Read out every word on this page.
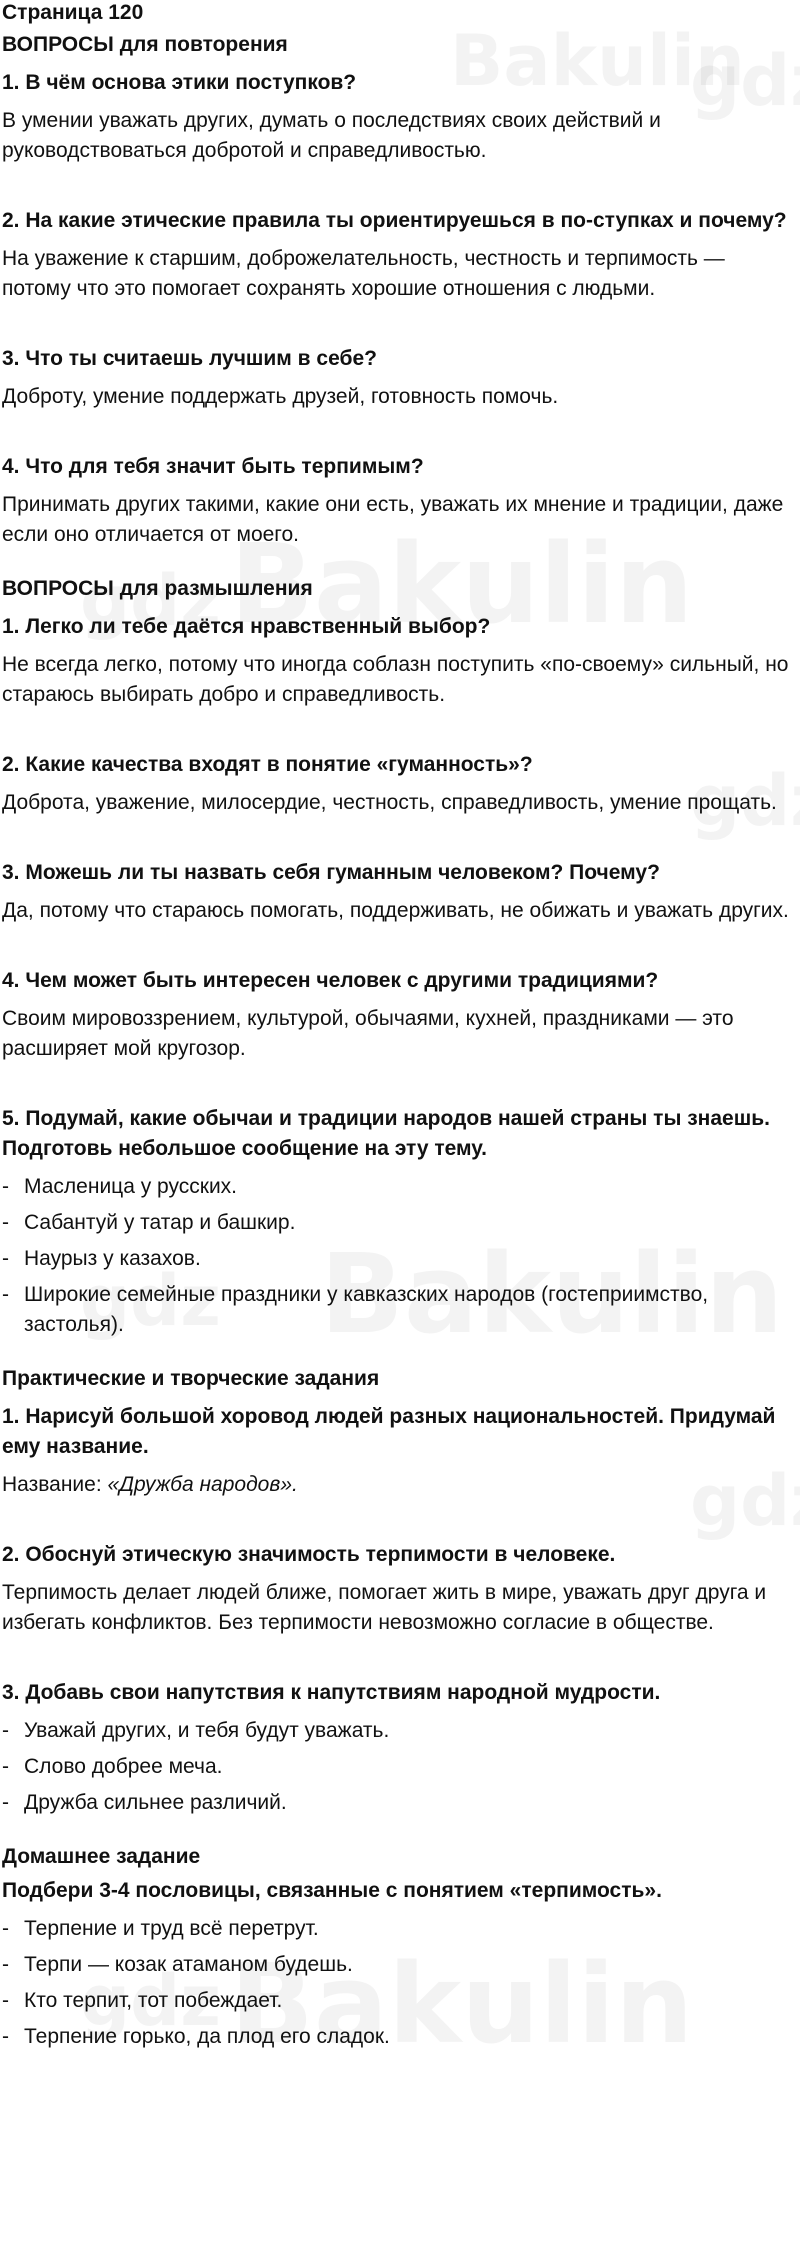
Страница 120
ВОПРОСЫ для повторения
1. В чём основа этики поступков?
В умении уважать других, думать о последствиях своих действий и руководствоваться добротой и справедливостью.
2. На какие этические правила ты ориентируешься в по-ступках и почему?
На уважение к старшим, доброжелательность, честность и терпимость — потому что это помогает сохранять хорошие отношения с людьми.
3. Что ты считаешь лучшим в себе?
Доброту, умение поддержать друзей, готовность помочь.
4. Что для тебя значит быть терпимым?
Принимать других такими, какие они есть, уважать их мнение и традиции, даже если оно отличается от моего.
ВОПРОСЫ для размышления
1. Легко ли тебе даётся нравственный выбор?
Не всегда легко, потому что иногда соблазн поступить «по-своему» сильный, но стараюсь выбирать добро и справедливость.
2. Какие качества входят в понятие «гуманность»?
Доброта, уважение, милосердие, честность, справедливость, умение прощать.
3. Можешь ли ты назвать себя гуманным человеком? Почему?
Да, потому что стараюсь помогать, поддерживать, не обижать и уважать других.
4. Чем может быть интересен человек с другими традициями?
Своим мировоззрением, культурой, обычаями, кухней, праздниками — это расширяет мой кругозор.
5. Подумай, какие обычаи и традиции народов нашей страны ты знаешь. Подготовь небольшое сообщение на эту тему.
- Масленица у русских.
- Сабантуй у татар и башкир.
- Наурыз у казахов.
- Широкие семейные праздники у кавказских народов (гостеприимство, застолья).
Практические и творческие задания
1. Нарисуй большой хоровод людей разных национальностей. Придумай ему название.
Название: «Дружба народов».
2. Обоснуй этическую значимость терпимости в человеке.
Терпимость делает людей ближе, помогает жить в мире, уважать друг друга и избегать конфликтов. Без терпимости невозможно согласие в обществе.
3. Добавь свои напутствия к напутствиям народной мудрости.
- Уважай других, и тебя будут уважать.
- Слово добрее меча.
- Дружба сильнее различий.
Домашнее задание
Подбери 3-4 пословицы, связанные с понятием «терпимость».
- Терпение и труд всё перетрут.
- Терпи — козак атаманом будешь.
- Кто терпит, тот побеждает.
- Терпение горько, да плод его сладок.
